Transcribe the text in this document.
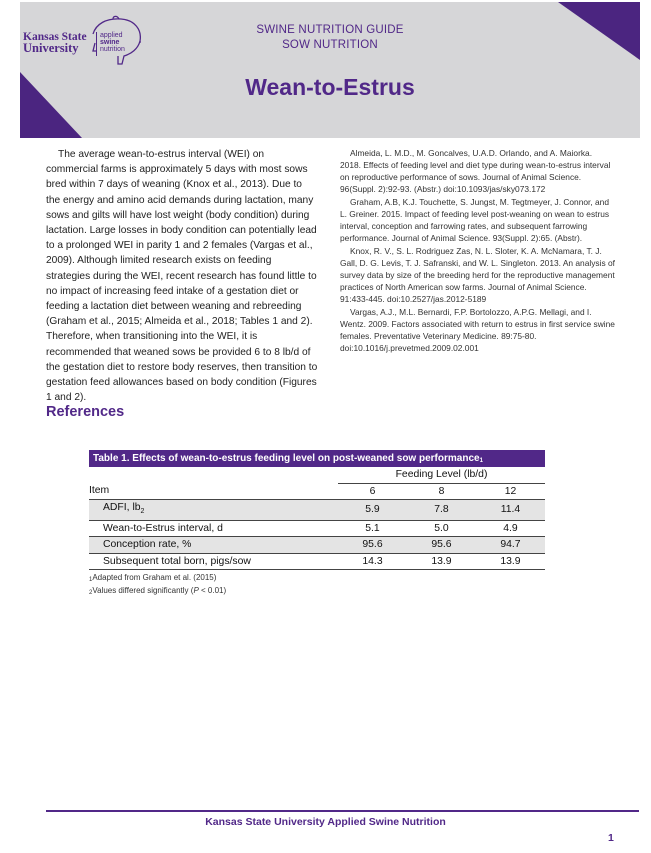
Kansas State
University
applied
swine
nutrition
SWINE NUTRITION GUIDE
SOW NUTRITION
Wean-to-Estrus

The average wean-to-estrus interval (WEI) on commercial farms is approximately 5 days with most sows bred within 7 days of weaning (Knox et al., 2013). Due to the energy and amino acid demands during lactation, many sows and gilts will have lost weight (body condition) during lactation. Large losses in body condition can potentially lead to a prolonged WEI in parity 1 and 2 females (Vargas et al., 2009). Although limited research exists on feeding strategies during the WEI, recent research has found little to no impact of increasing feed intake of a gestation diet or feeding a lactation diet between weaning and rebreeding (Graham et al., 2015; Almeida et al., 2018; Tables 1 and 2). Therefore, when transitioning into the WEI, it is recommended that weaned sows be provided 6 to 8 lb/d of the gestation diet to restore body reserves, then transition to gestation feed allowances based on body condition (Figures 1 and 2).

Almeida, L. M.D., M. Goncalves, U.A.D. Orlando, and A. Maiorka. 2018. Effects of feeding level and diet type during wean-to-estrus interval on reproductive performance of sows. Journal of Animal Science. 96(Suppl. 2):92-93. (Abstr.) doi:10.1093/jas/sky073.172

Graham, A.B, K.J. Touchette, S. Jungst, M. Tegtmeyer, J. Connor, and L. Greiner. 2015. Impact of feeding level post-weaning on wean to estrus interval, conception and farrowing rates, and subsequent farrowing performance. Journal of Animal Science. 93(Suppl. 2):65. (Abstr).

Knox, R. V., S. L. Rodriguez Zas, N. L. Sloter, K. A. McNamara, T. J. Gall, D. G. Levis, T. J. Safranski, and W. L. Singleton. 2013. An analysis of survey data by size of the breeding herd for the reproductive management practices of North American sow farms. Journal of Animal Science. 91:433-445. doi:10.2527/jas.2012-5189

Vargas, A.J., M.L. Bernardi, F.P. Bortolozzo, A.P.G. Mellagi, and I. Wentz. 2009. Factors associated with return to estrus in first service swine females. Preventative Veterinary Medicine. 89:75-80. doi:10.1016/j.prevetmed.2009.02.001

References
Table 1. Effects of wean-to-estrus feeding level on post-weaned sow performance$_1$
	Feeding Level (lb/d)		
Item	6	8	12
ADFI, $lb_2$	5.9	7.8	11.4
Wean-to-Estrus interval, d	5.1	5.0	4.9
Conception rate, %	95.6	95.6	94.7
Subsequent total born, pigs/sow	14.3	13.9	13.9
$_1$Adapted from Graham et al. (2015)
$_2$Values differed significantly (P < 0.01)
Kansas State University Applied Swine Nutrition
1
